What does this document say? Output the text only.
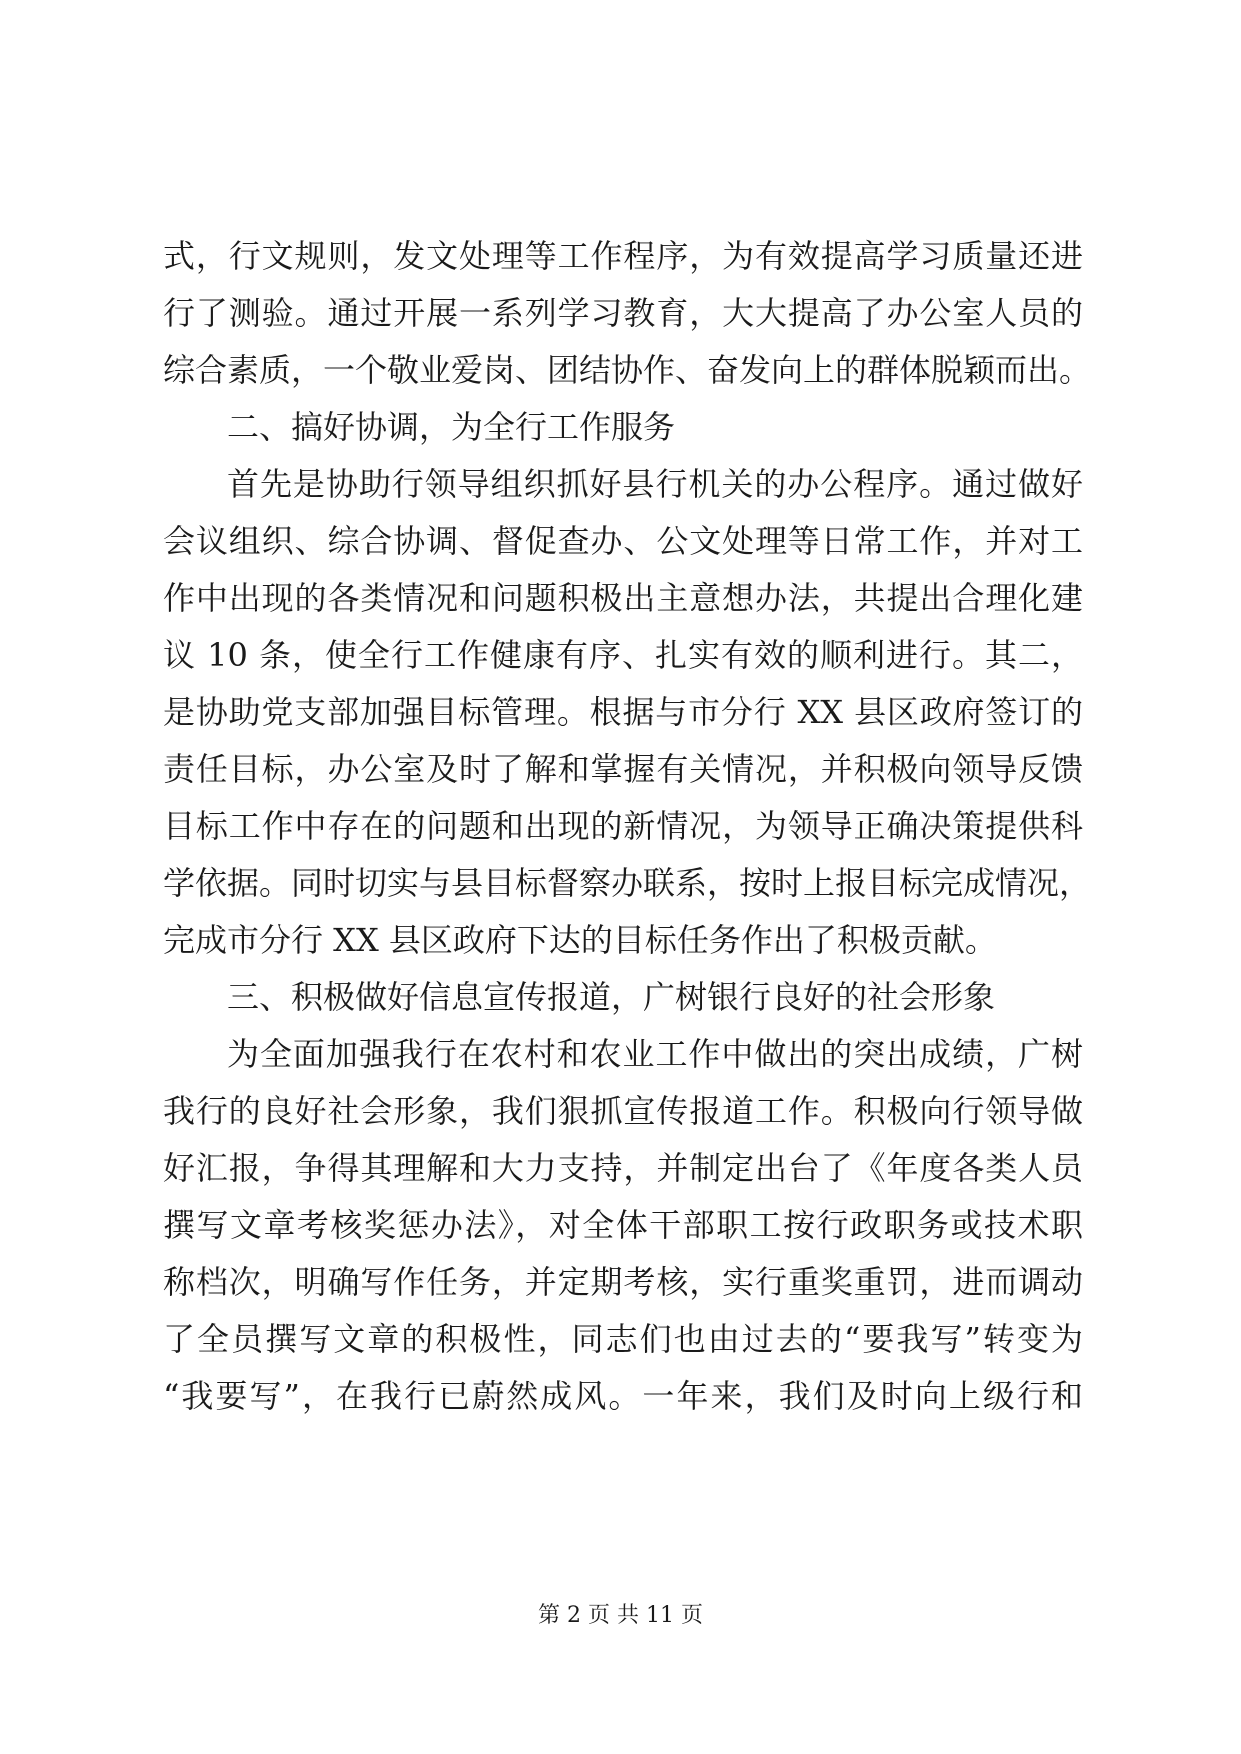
式，行文规则，发文处理等工作程序，为有效提高学习质量还进
行了测验。通过开展一系列学习教育，大大提高了办公室人员的
综合素质，一个敬业爱岗、团结协作、奋发向上的群体脱颖而出。
二、搞好协调，为全行工作服务
首先是协助行领导组织抓好县行机关的办公程序。通过做好
会议组织、综合协调、督促查办、公文处理等日常工作，并对工
作中出现的各类情况和问题积极出主意想办法，共提出合理化建
议 10 条，使全行工作健康有序、扎实有效的顺利进行。其二，
是协助党支部加强目标管理。根据与市分行 XX 县区政府签订的
责任目标，办公室及时了解和掌握有关情况，并积极向领导反馈
目标工作中存在的问题和出现的新情况，为领导正确决策提供科
学依据。同时切实与县目标督察办联系，按时上报目标完成情况，
完成市分行 XX 县区政府下达的目标任务作出了积极贡献。
三、积极做好信息宣传报道，广树银行良好的社会形象
为全面加强我行在农村和农业工作中做出的突出成绩，广树
我行的良好社会形象，我们狠抓宣传报道工作。积极向行领导做
好汇报，争得其理解和大力支持，并制定出台了《年度各类人员
撰写文章考核奖惩办法》，对全体干部职工按行政职务或技术职
称档次，明确写作任务，并定期考核，实行重奖重罚，进而调动
了全员撰写文章的积极性，同志们也由过去的“要我写”转变为
“我要写”，在我行已蔚然成风。一年来，我们及时向上级行和
第 2 页 共 11 页
